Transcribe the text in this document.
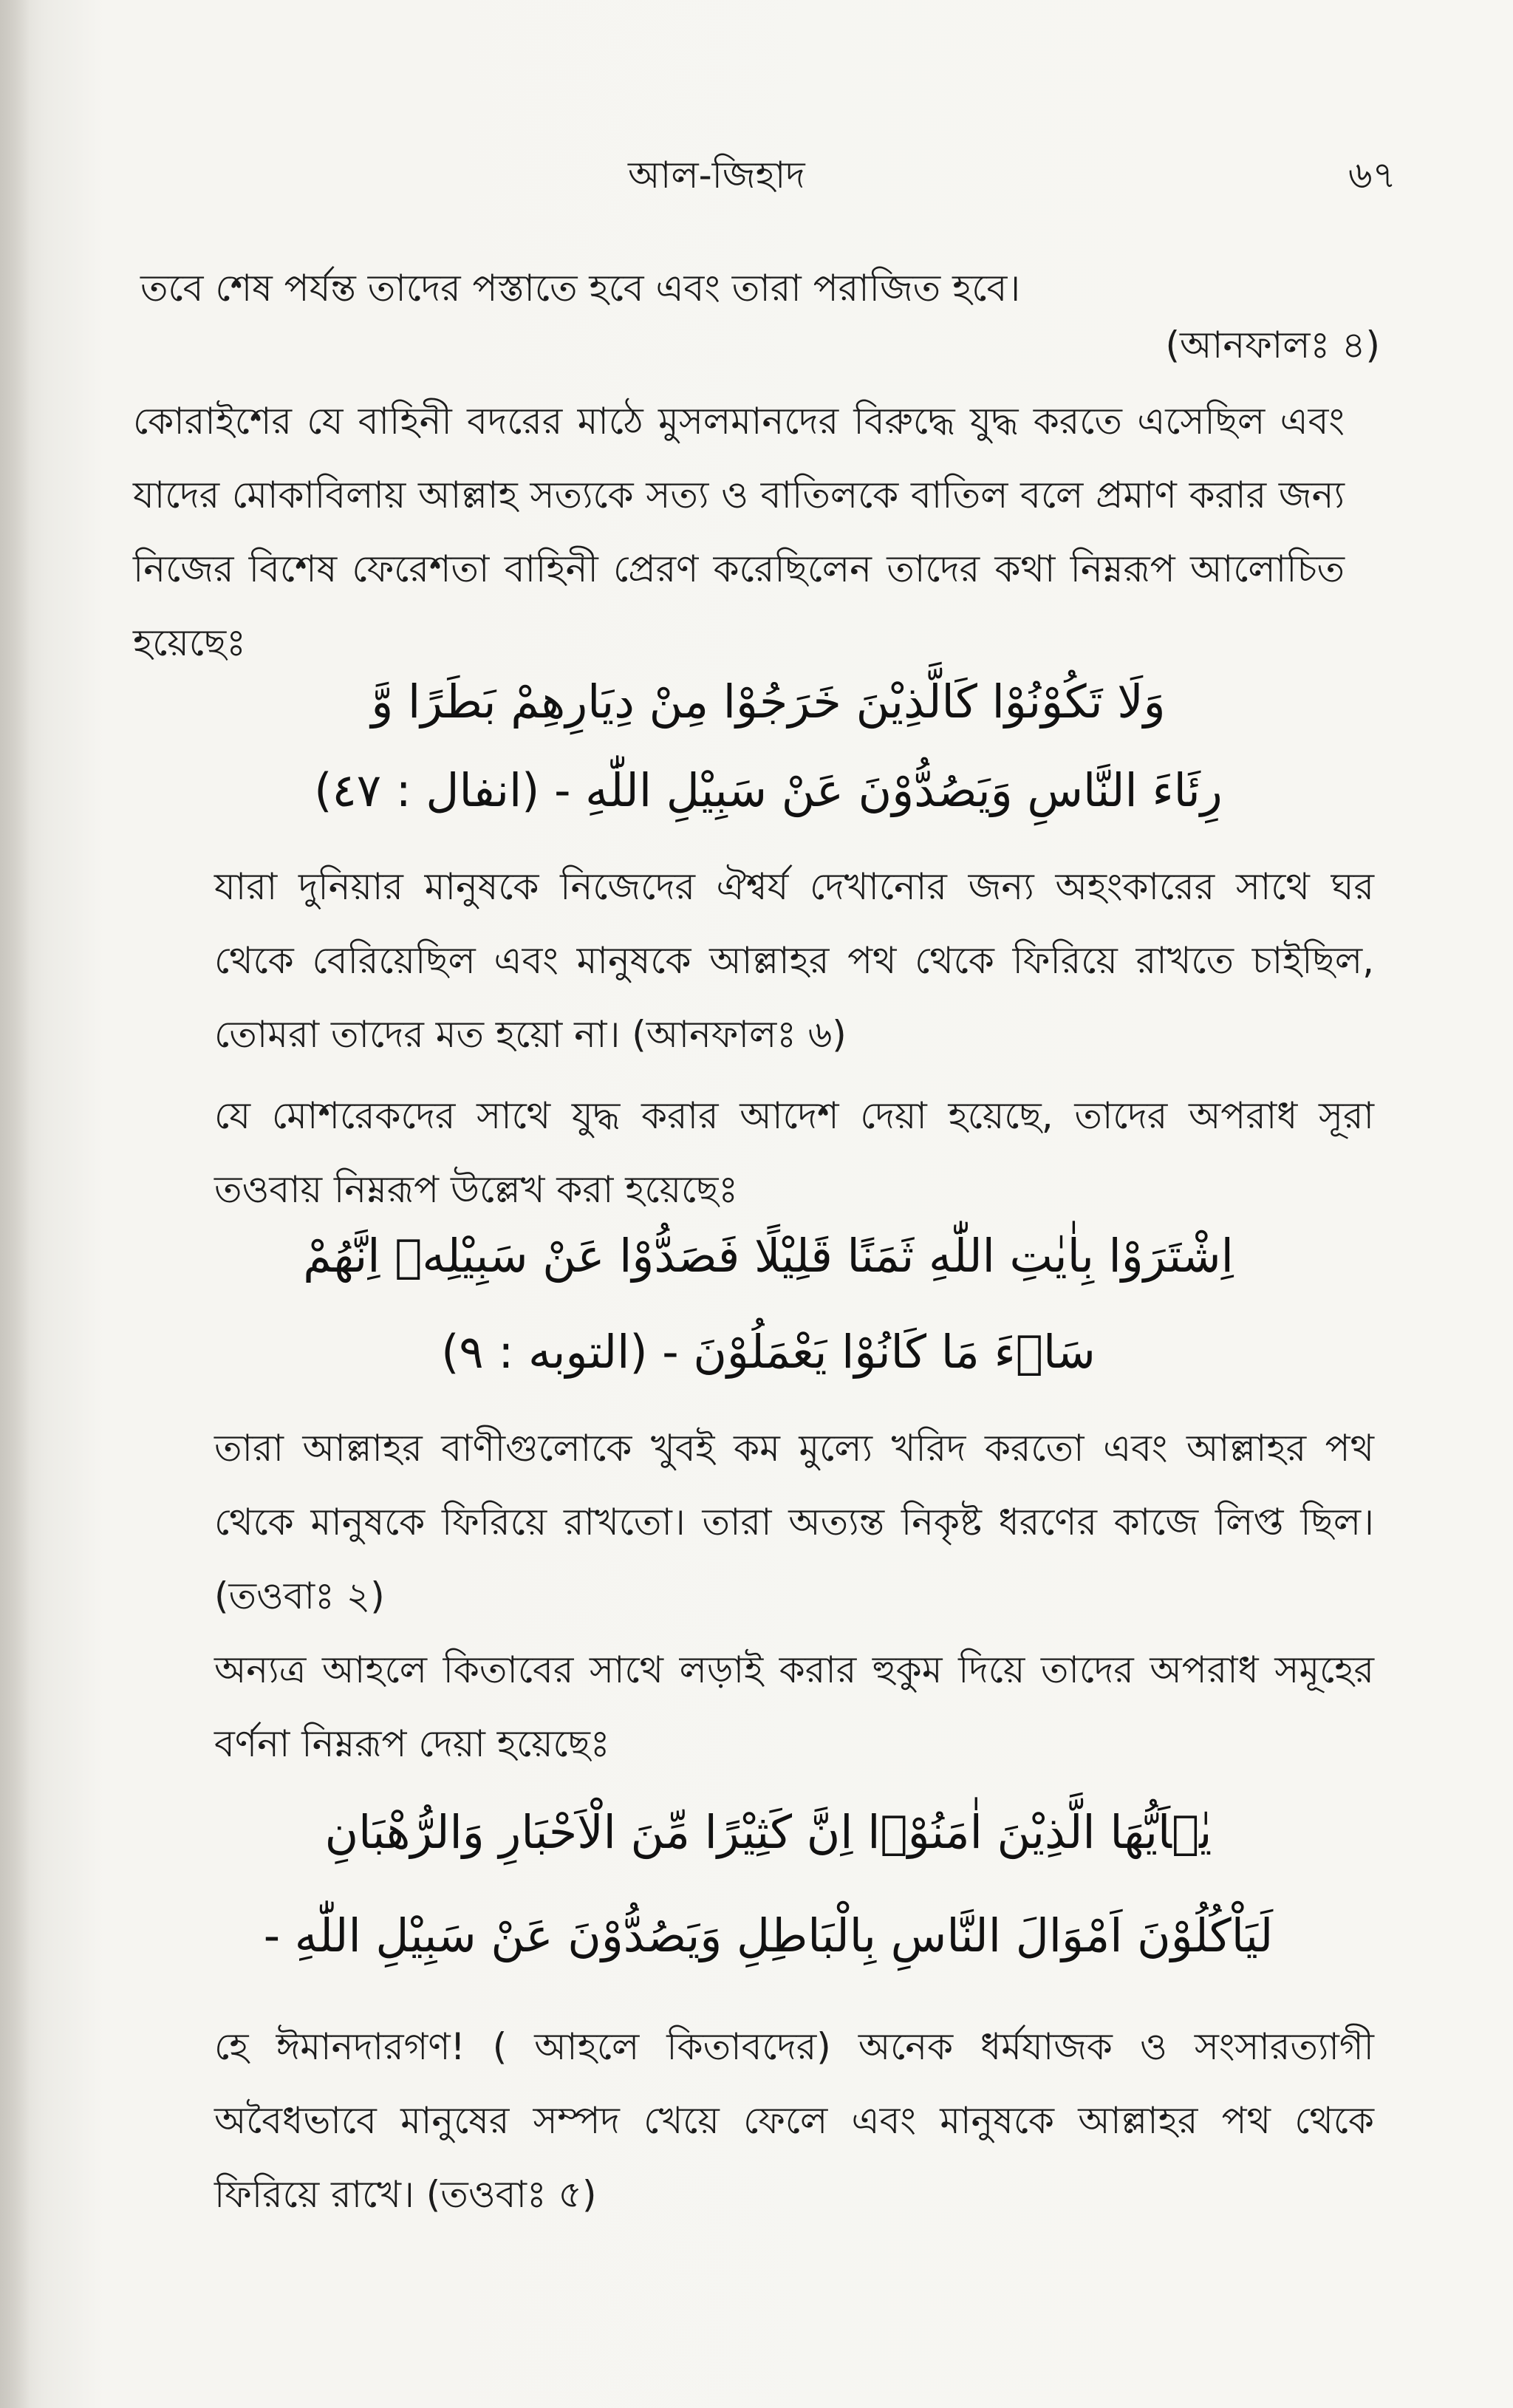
আল-জিহাদ	৬৭
তবে শেষ পর্যন্ত তাদের পস্তাতে হবে এবং তারা পরাজিত হবে।
(আনফালঃ ৪)
কোরাইশের যে বাহিনী বদরের মাঠে মুসলমানদের বিরুদ্ধে যুদ্ধ করতে এসেছিল এবং যাদের মোকাবিলায় আল্লাহ সত্যকে সত্য ও বাতিলকে বাতিল বলে প্রমাণ করার জন্য নিজের বিশেষ ফেরেশতা বাহিনী প্রেরণ করেছিলেন তাদের কথা নিম্নরূপ আলোচিত হয়েছেঃ
وَلَا تَكُوْنُوْا كَالَّذِيْنَ خَرَجُوْا مِنْ دِيَارِهِمْ بَطَرًا وَّ
رِئَاءَ النَّاسِ وَيَصُدُّوْنَ عَنْ سَبِيْلِ اللّٰهِ - (انفال : ٤٧)
যারা দুনিয়ার মানুষকে নিজেদের ঐশ্বর্য দেখানোর জন্য অহংকারের সাথে ঘর থেকে বেরিয়েছিল এবং মানুষকে আল্লাহর পথ থেকে ফিরিয়ে রাখতে চাইছিল, তোমরা তাদের মত হয়ো না। (আনফালঃ ৬)
যে মোশরেকদের সাথে যুদ্ধ করার আদেশ দেয়া হয়েছে, তাদের অপরাধ সূরা তওবায় নিম্নরূপ উল্লেখ করা হয়েছেঃ
اِشْتَرَوْا بِاٰيٰتِ اللّٰهِ ثَمَنًا قَلِيْلًا فَصَدُّوْا عَنْ سَبِيْلِهٖ اِنَّهُمْ
سَاۤءَ مَا كَانُوْا يَعْمَلُوْنَ - (التوبه : ٩)
তারা আল্লাহর বাণীগুলোকে খুবই কম মুল্যে খরিদ করতো এবং আল্লাহর পথ থেকে মানুষকে ফিরিয়ে রাখতো। তারা অত্যন্ত নিকৃষ্ট ধরণের কাজে লিপ্ত ছিল। (তওবাঃ ২)
অন্যত্র আহলে কিতাবের সাথে লড়াই করার হুকুম দিয়ে তাদের অপরাধ সমূহের বর্ণনা নিম্নরূপ দেয়া হয়েছেঃ
يٰۤاَيُّهَا الَّذِيْنَ اٰمَنُوْۤا اِنَّ كَثِيْرًا مِّنَ الْاَحْبَارِ وَالرُّهْبَانِ
لَيَاْكُلُوْنَ اَمْوَالَ النَّاسِ بِالْبَاطِلِ وَيَصُدُّوْنَ عَنْ سَبِيْلِ اللّٰهِ -
হে ঈমানদারগণ! ( আহলে কিতাবদের) অনেক ধর্মযাজক ও সংসারত্যাগী অবৈধভাবে মানুষের সম্পদ খেয়ে ফেলে এবং মানুষকে আল্লাহর পথ থেকে ফিরিয়ে রাখে। (তওবাঃ ৫)
